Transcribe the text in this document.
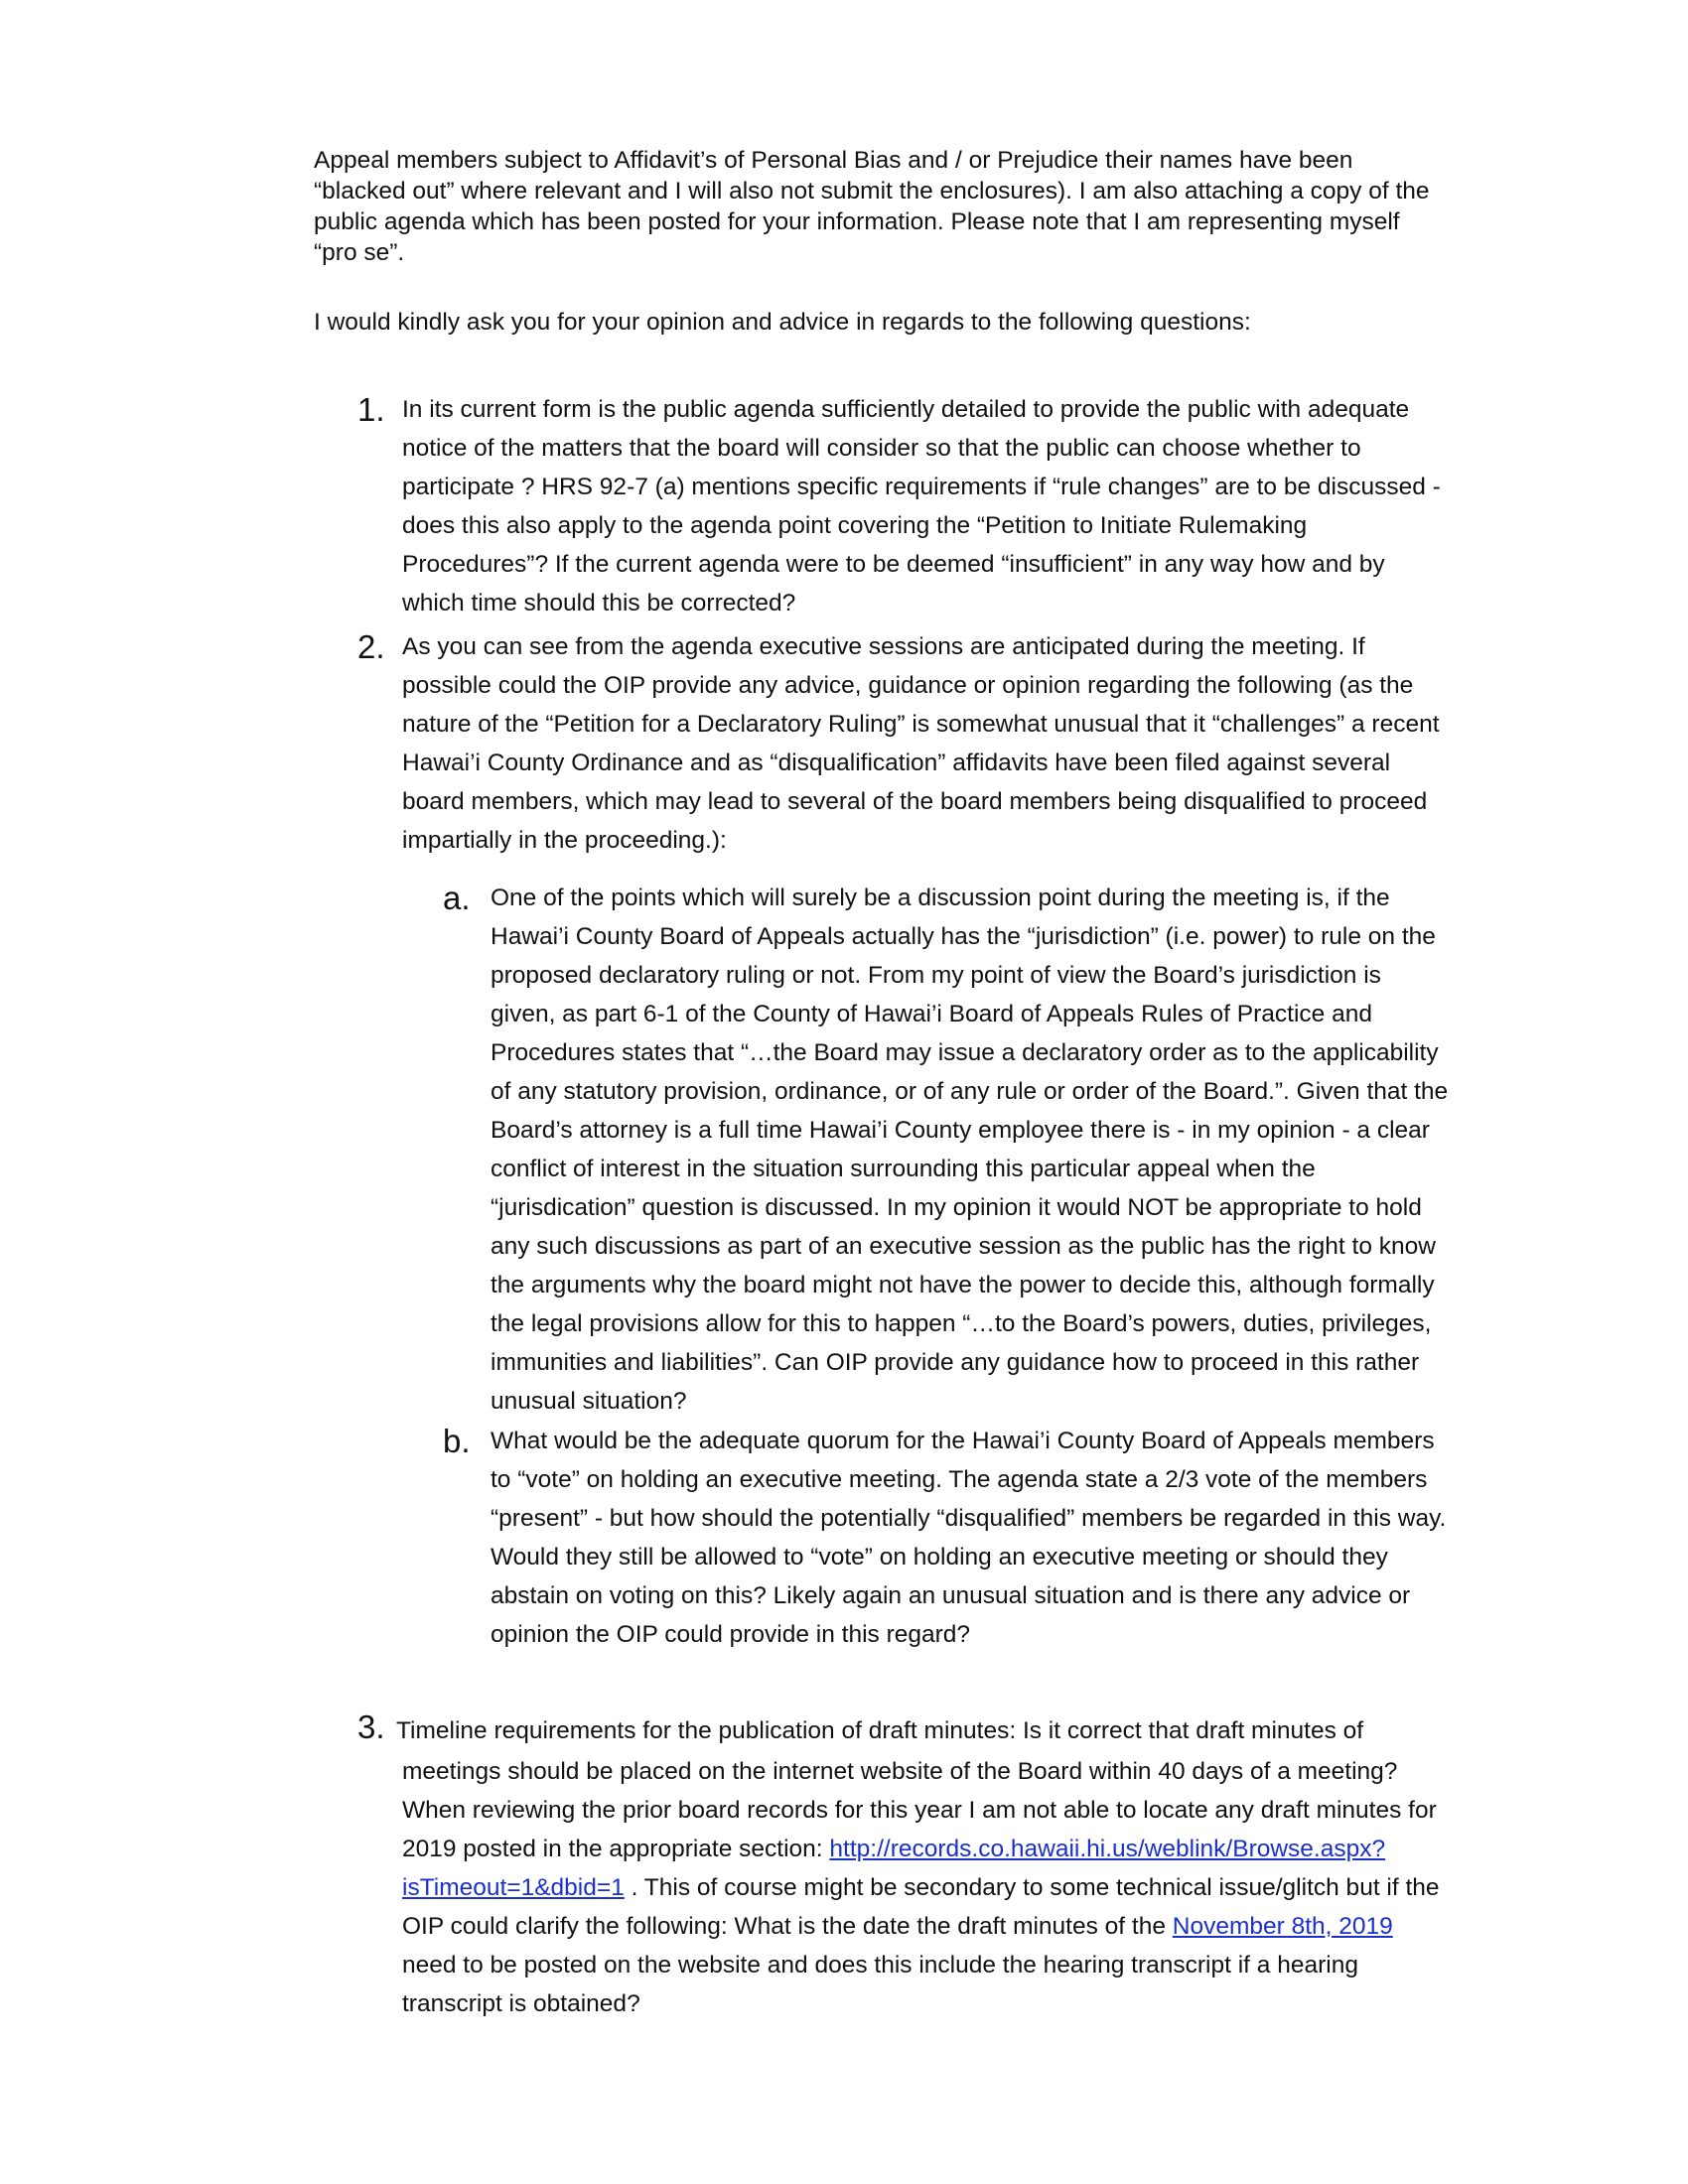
Appeal members subject to Affidavit’s of Personal Bias and / or Prejudice their names have been “blacked out” where relevant and I will also not submit the enclosures). I am also attaching a copy of the public agenda which has been posted for your information. Please note that I am representing myself “pro se”.

I would kindly ask you for your opinion and advice in regards to the following questions:

1. In its current form is the public agenda sufficiently detailed to provide the public with adequate notice of the matters that the board will consider so that the public can choose whether to participate ? HRS 92-7 (a) mentions specific requirements if “rule changes” are to be discussed - does this also apply to the agenda point covering the “Petition to Initiate Rulemaking Procedures”? If the current agenda were to be deemed “insufficient” in any way how and by which time should this be corrected?

2. As you can see from the agenda executive sessions are anticipated during the meeting. If possible could the OIP provide any advice, guidance or opinion regarding the following (as the nature of the “Petition for a Declaratory Ruling” is somewhat unusual that it “challenges” a recent Hawai’i County Ordinance and as “disqualification” affidavits have been filed against several board members, which may lead to several of the board members being disqualified to proceed impartially in the proceeding.):

a. One of the points which will surely be a discussion point during the meeting is, if the Hawai’i County Board of Appeals actually has the “jurisdiction” (i.e. power) to rule on the proposed declaratory ruling or not. From my point of view the Board’s jurisdiction is given, as part 6-1 of the County of Hawai’i Board of Appeals Rules of Practice and Procedures states that “…the Board may issue a declaratory order as to the applicability of any statutory provision, ordinance, or of any rule or order of the Board.”. Given that the Board’s attorney is a full time Hawai’i County employee there is - in my opinion - a clear conflict of interest in the situation surrounding this particular appeal when the “jurisdication” question is discussed. In my opinion it would NOT be appropriate to hold any such discussions as part of an executive session as the public has the right to know the arguments why the board might not have the power to decide this, although formally the legal provisions allow for this to happen “…to the Board’s powers, duties, privileges, immunities and liabilities”. Can OIP provide any guidance how to proceed in this rather unusual situation?

b. What would be the adequate quorum for the Hawai’i County Board of Appeals members to “vote” on holding an executive meeting. The agenda state a 2/3 vote of the members “present” - but how should the potentially “disqualified” members be regarded in this way. Would they still be allowed to “vote” on holding an executive meeting or should they abstain on voting on this? Likely again an unusual situation and is there any advice or opinion the OIP could provide in this regard?

3. Timeline requirements for the publication of draft minutes: Is it correct that draft minutes of

meetings should be placed on the internet website of the Board within 40 days of a meeting? When reviewing the prior board records for this year I am not able to locate any draft minutes for 2019 posted in the appropriate section: http://records.co.hawaii.hi.us/weblink/Browse.aspx?isTimeout=1&dbid=1 . This of course might be secondary to some technical issue/glitch but if the OIP could clarify the following: What is the date the draft minutes of the November 8th, 2019 need to be posted on the website and does this include the hearing transcript if a hearing transcript is obtained?
